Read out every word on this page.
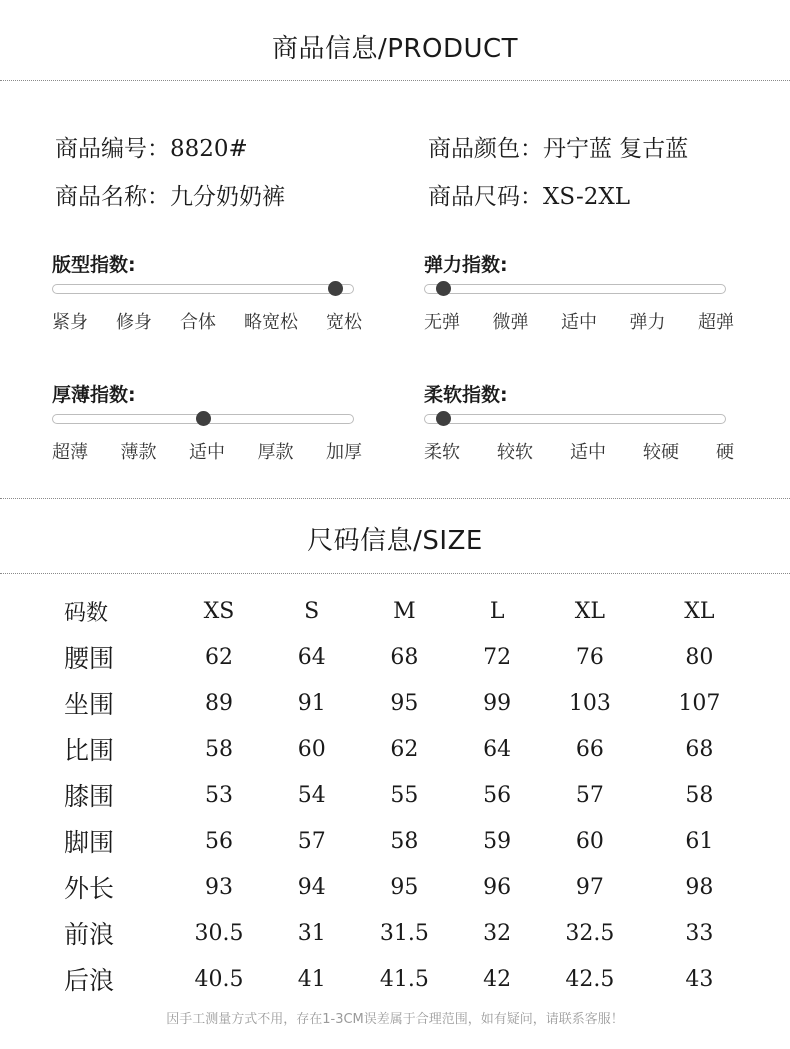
商品信息/PRODUCT
商品编号：8820#	商品颜色：丹宁蓝 复古蓝
商品名称：九分奶奶裤	商品尺码：XS-2XL
版型指数:
紧身 修身 合体 略宽松 宽松
弹力指数:
无弹 微弹 适中 弹力 超弹
厚薄指数:
超薄 薄款 适中 厚款 加厚
柔软指数:
柔软 较软 适中 较硬 硬
尺码信息/SIZE
码数	XS	S	M	L	XL	XL
腰围	62	64	68	72	76	80
坐围	89	91	95	99	103	107
比围	58	60	62	64	66	68
膝围	53	54	55	56	57	58
脚围	56	57	58	59	60	61
外长	93	94	95	96	97	98
前浪	30.5	31	31.5	32	32.5	33
后浪	40.5	41	41.5	42	42.5	43
因手工测量方式不用，存在1-3CM误差属于合理范围，如有疑问，请联系客服！
